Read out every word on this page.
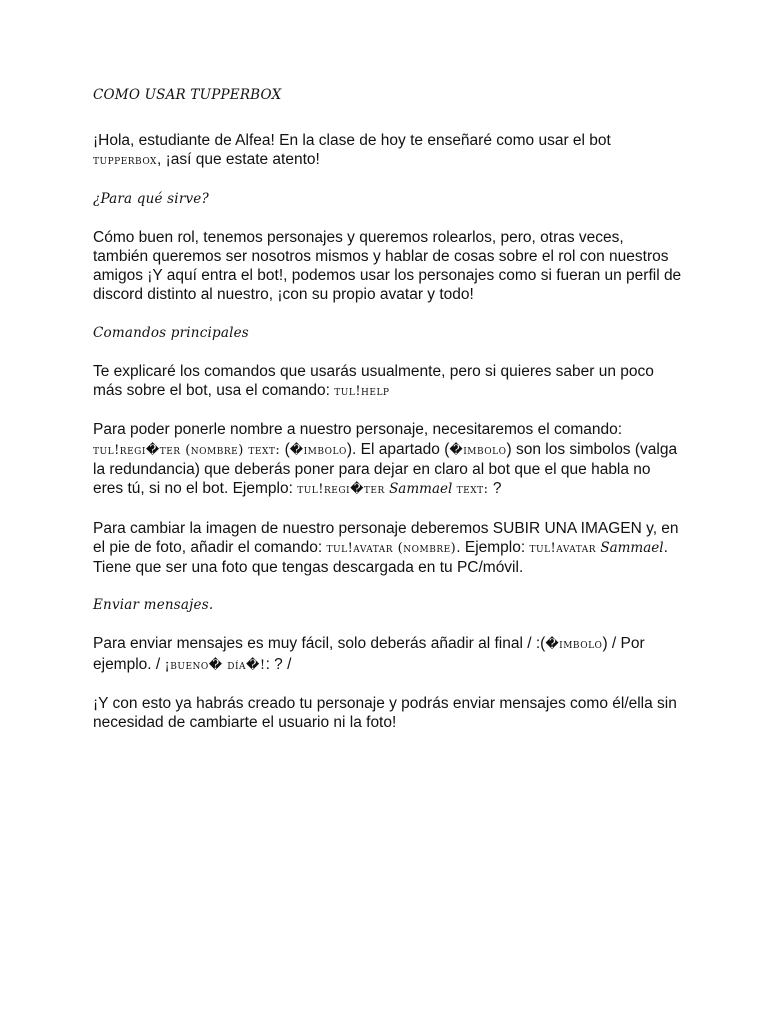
COMO USAR TUPPERBOX

¡Hola, estudiante de Alfea! En la clase de hoy te enseñaré como usar el bot tupperbox, ¡así que estate atento!

¿Para qué sirve?

Cómo buen rol, tenemos personajes y queremos rolearlos, pero, otras veces, también queremos ser nosotros mismos y hablar de cosas sobre el rol con nuestros amigos ¡Y aquí entra el bot!, podemos usar los personajes como si fueran un perfil de discord distinto al nuestro, ¡con su propio avatar y todo!

Comandos principales

Te explicaré los comandos que usarás usualmente, pero si quieres saber un poco más sobre el bot, usa el comando: tul!help

Para poder ponerle nombre a nuestro personaje, necesitaremos el comando: tul!regi�ter (nombre) text: (�imbolo). El apartado (�imbolo) son los simbolos (valga la redundancia) que deberás poner para dejar en claro al bot que el que habla no eres tú, si no el bot. Ejemplo: tul!regi�ter Sammael text: ?

Para cambiar la imagen de nuestro personaje deberemos SUBIR UNA IMAGEN y, en el pie de foto, añadir el comando: tul!avatar (nombre). Ejemplo: tul!avatar Sammael. Tiene que ser una foto que tengas descargada en tu PC/móvil.

Enviar mensajes.

Para enviar mensajes es muy fácil, solo deberás añadir al final / :(�imbolo) / Por ejemplo. / ¡bueno� día�!: ? /

¡Y con esto ya habrás creado tu personaje y podrás enviar mensajes como él/ella sin necesidad de cambiarte el usuario ni la foto!
